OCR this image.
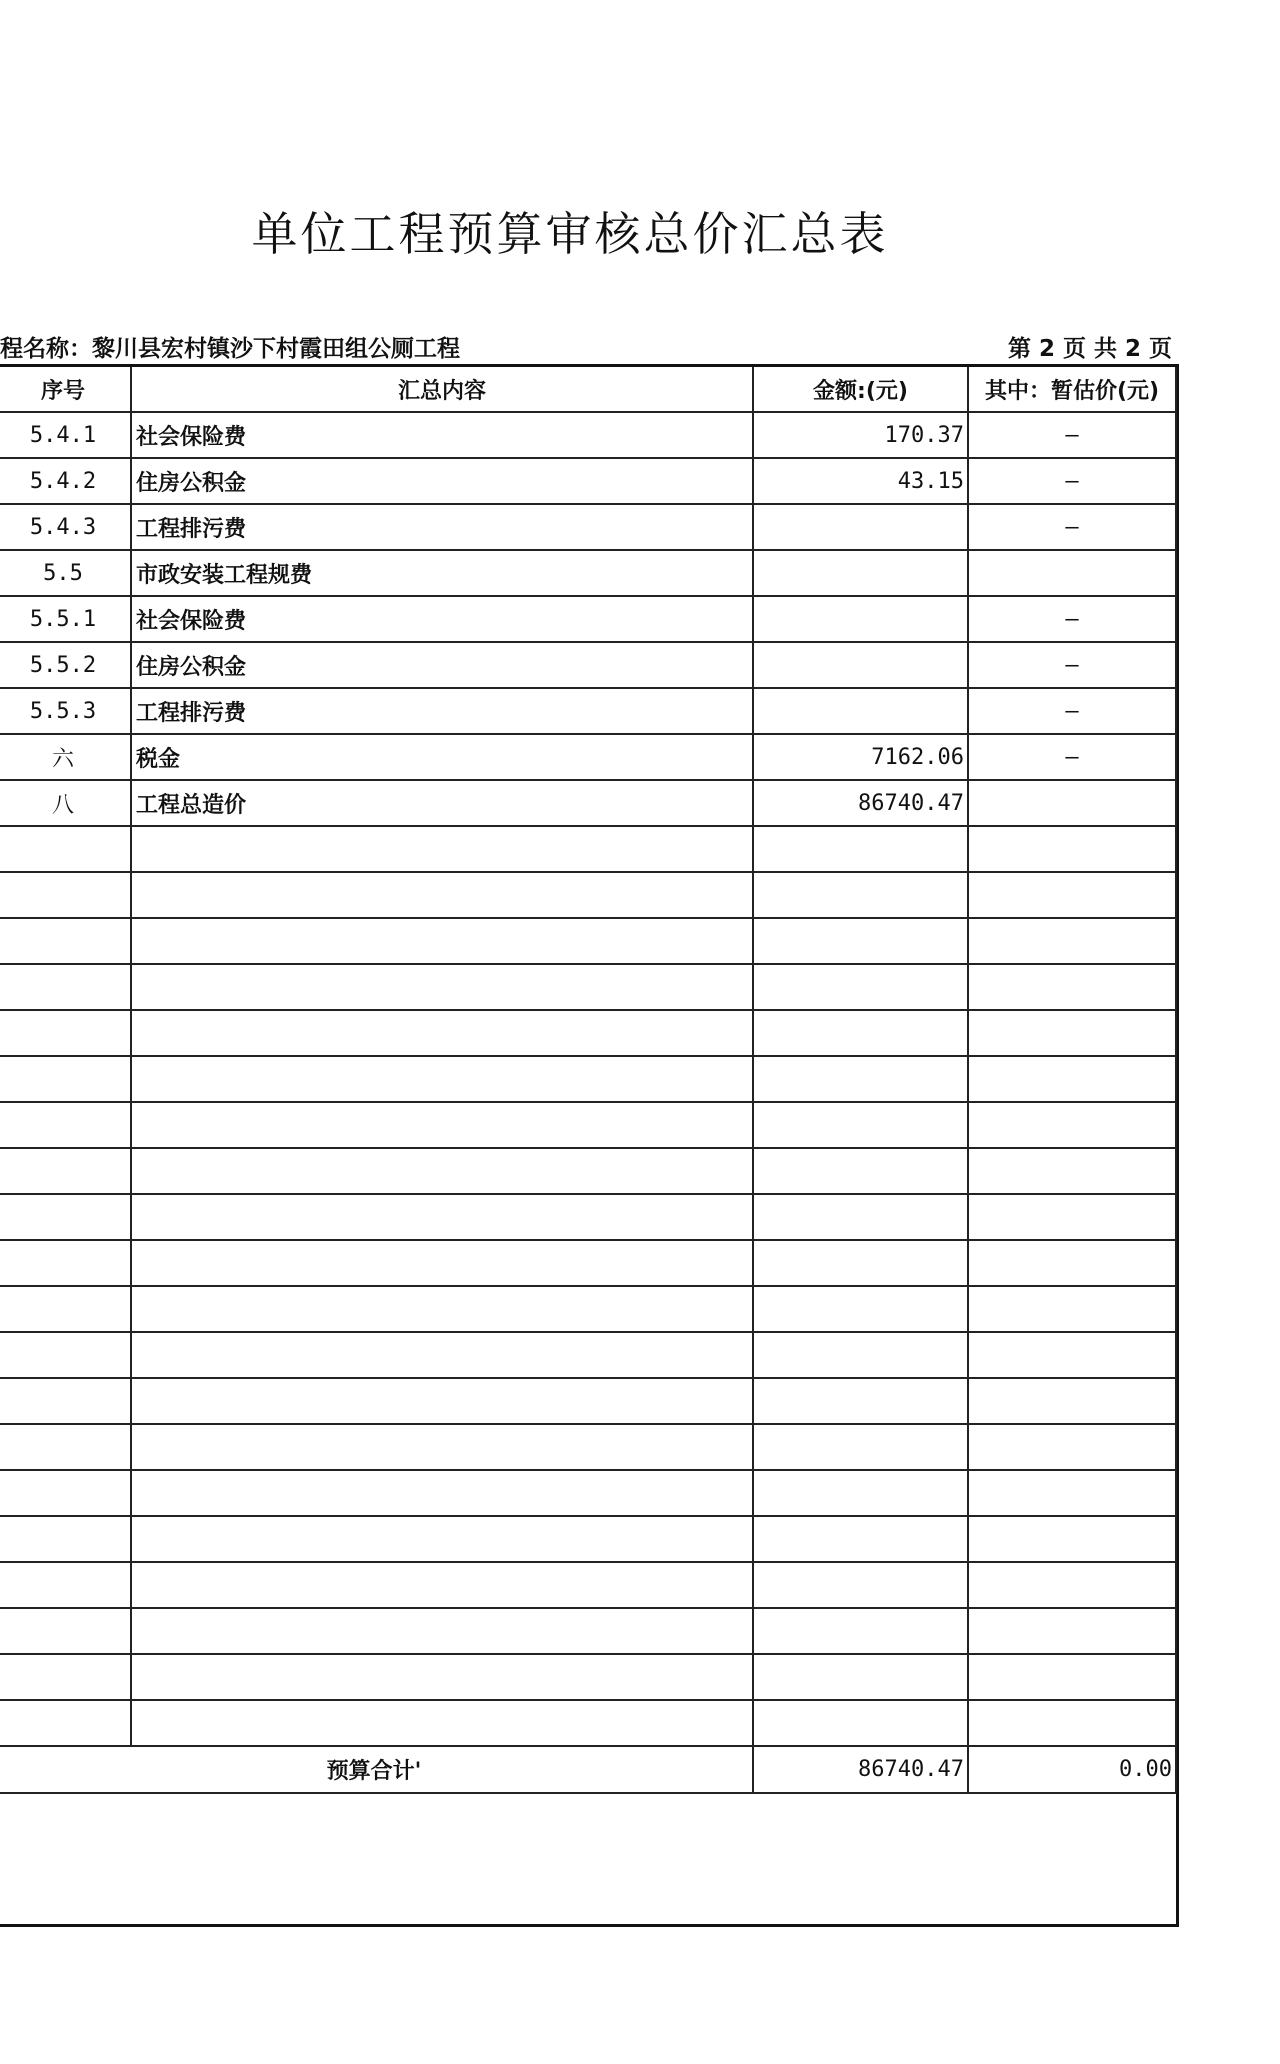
单位工程预算审核总价汇总表
程名称：黎川县宏村镇沙下村霞田组公厕工程	第 2 页 共 2 页
序号	汇总内容	金额:(元)	其中：暂估价(元)
5.4.1	社会保险费	170.37	—
5.4.2	住房公积金	43.15	—
5.4.3	工程排污费		—
5.5	市政安装工程规费		
5.5.1	社会保险费		—
5.5.2	住房公积金		—
5.5.3	工程排污费		—
六	税金	7162.06	—
八	工程总造价	86740.47	

预算合计'		86740.47	0.00
